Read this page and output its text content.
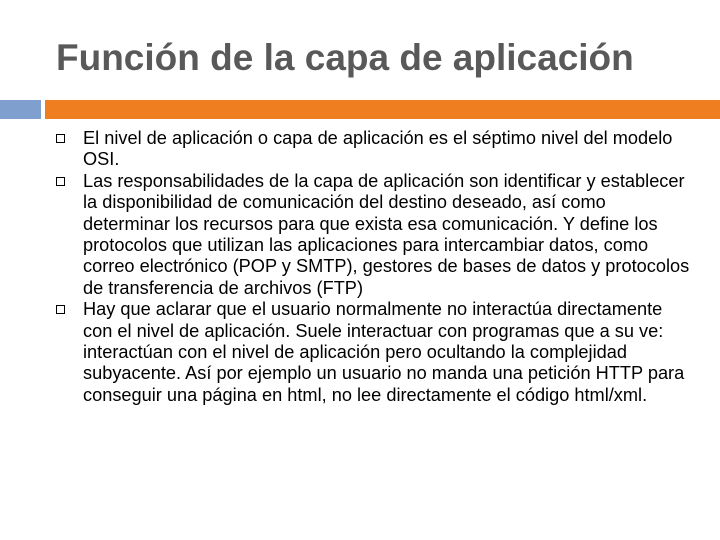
Función de la capa de aplicación
El nivel de aplicación o capa de aplicación es el séptimo nivel del modelo OSI.
Las responsabilidades de la capa de aplicación son identificar y establecer la disponibilidad de comunicación del destino deseado, así como determinar los recursos para que exista esa comunicación. Y define los protocolos que utilizan las aplicaciones para intercambiar datos, como correo electrónico (POP y SMTP), gestores de bases de datos y protocolos de transferencia de archivos (FTP)
Hay que aclarar que el usuario normalmente no interactúa directamente con el nivel de aplicación. Suele interactuar con programas que a su ve: interactúan con el nivel de aplicación pero ocultando la complejidad subyacente. Así por ejemplo un usuario no manda una petición HTTP para conseguir una página en html, no lee directamente el código html/xml.
